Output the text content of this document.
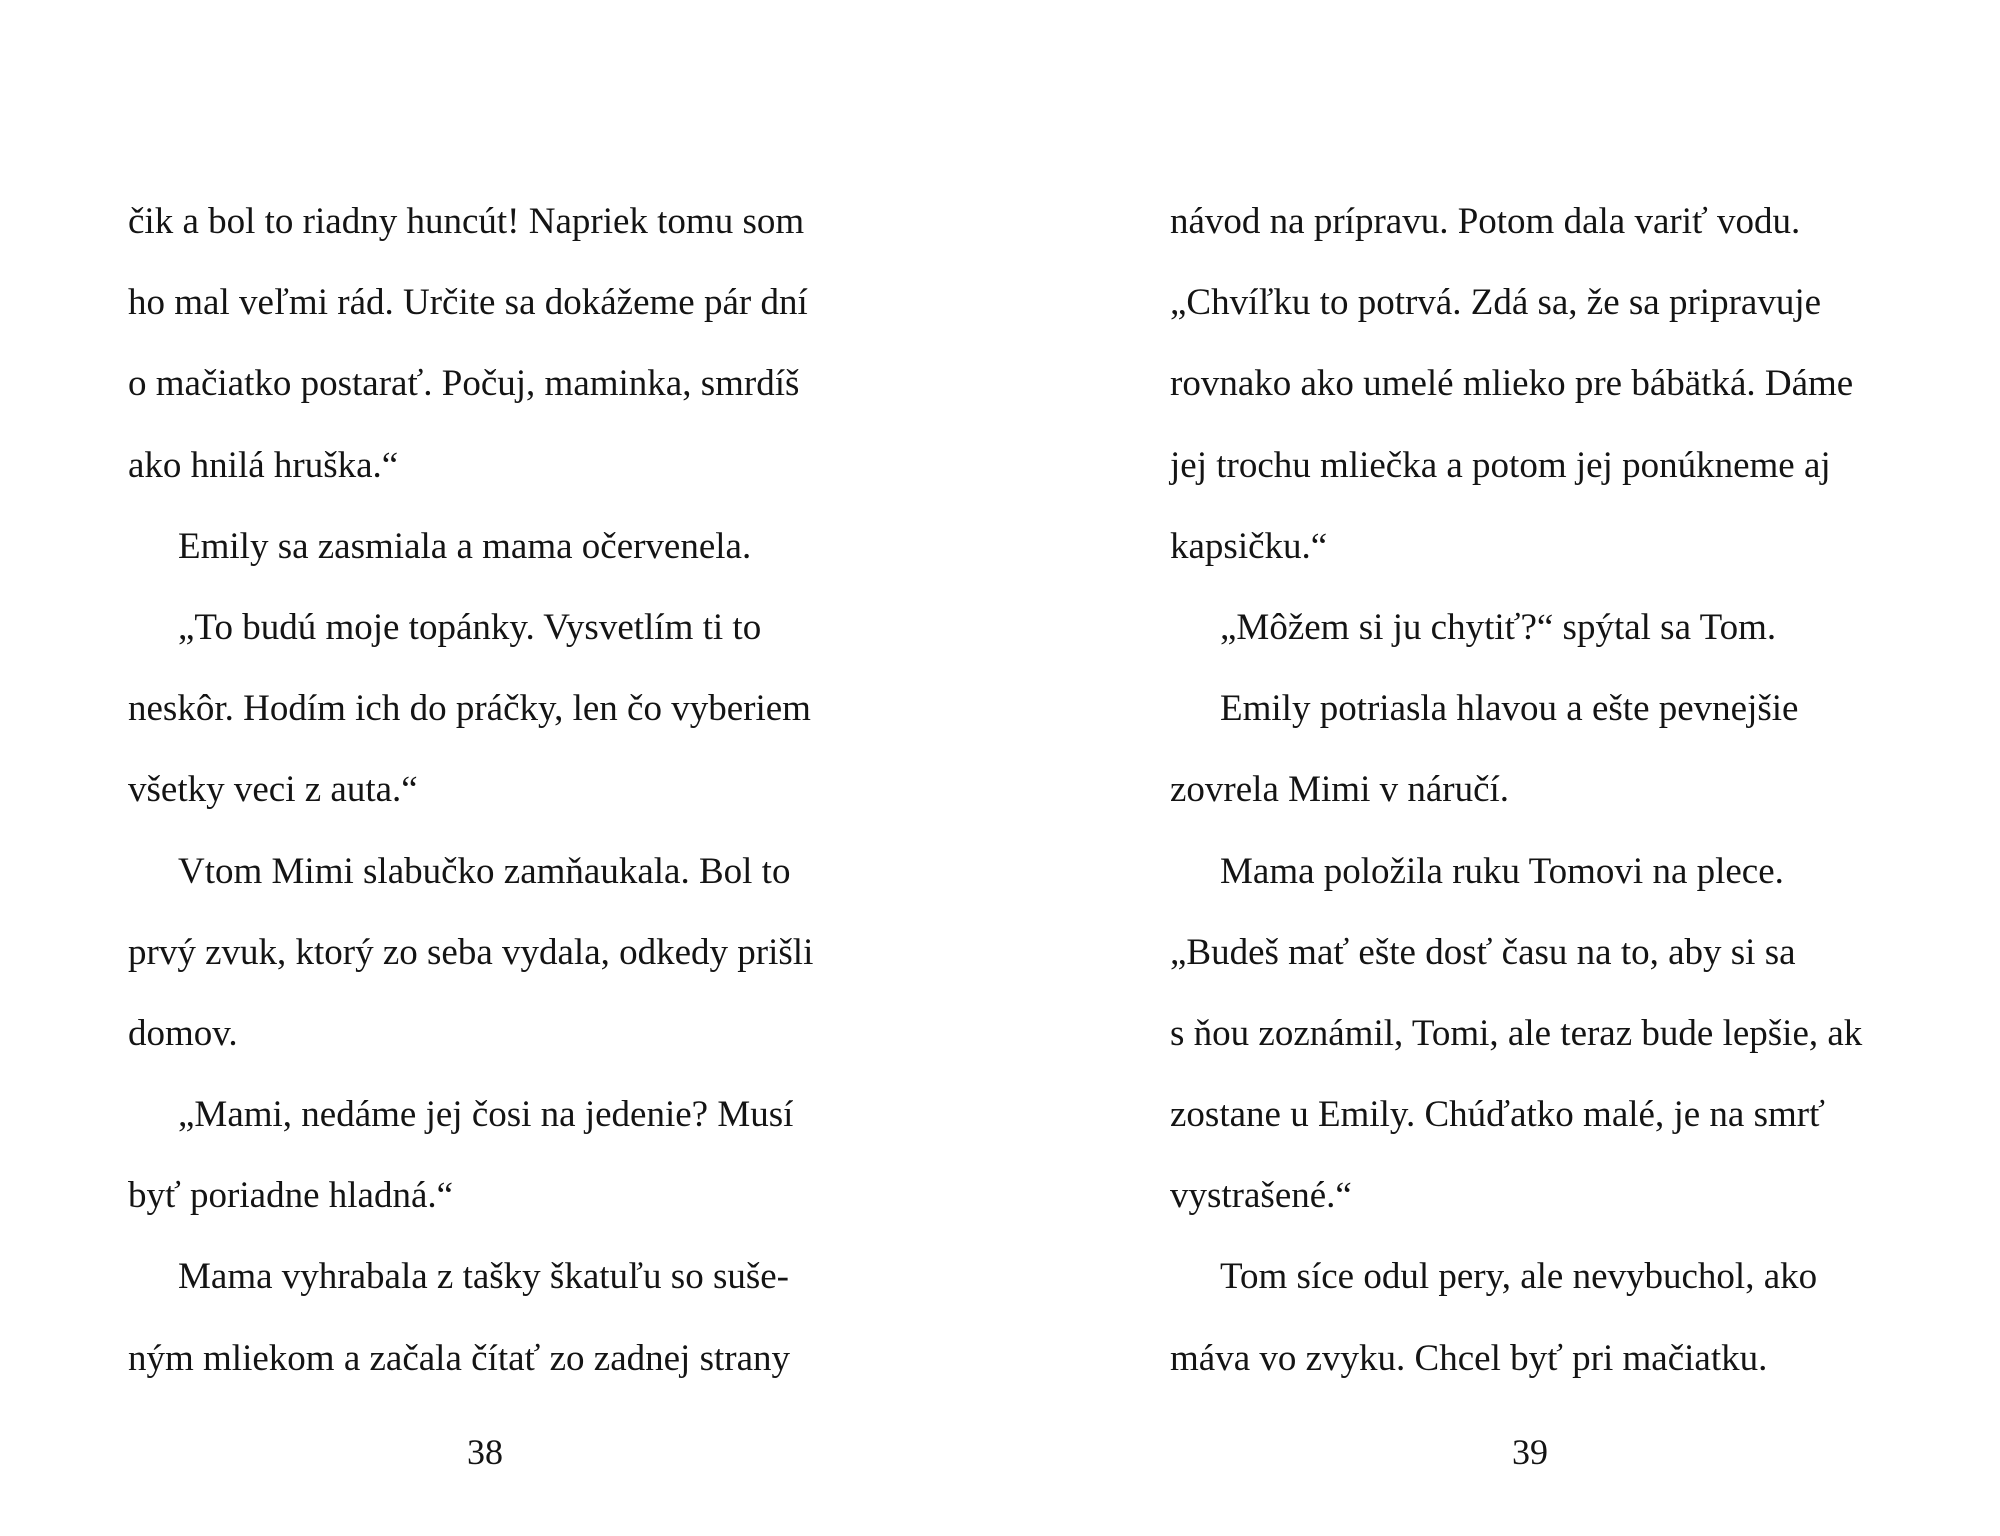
čik a bol to riadny huncút! Napriek tomu som
ho mal veľmi rád. Určite sa dokážeme pár dní
o mačiatko postarať. Počuj, maminka, smrdíš
ako hnilá hruška.“
Emily sa zasmiala a mama očervenela.
„To budú moje topánky. Vysvetlím ti to
neskôr. Hodím ich do práčky, len čo vyberiem
všetky veci z auta.“
Vtom Mimi slabučko zamňaukala. Bol to
prvý zvuk, ktorý zo seba vydala, odkedy prišli
domov.
„Mami, nedáme jej čosi na jedenie? Musí
byť poriadne hladná.“
Mama vyhrabala z tašky škatuľu so suše-
ným mliekom a začala čítať zo zadnej strany
38
návod na prípravu. Potom dala variť vodu.
„Chvíľku to potrvá. Zdá sa, že sa pripravuje
rovnako ako umelé mlieko pre bábätká. Dáme
jej trochu mliečka a potom jej ponúkneme aj
kapsičku.“
„Môžem si ju chytiť?“ spýtal sa Tom.
Emily potriasla hlavou a ešte pevnejšie
zovrela Mimi v náručí.
Mama položila ruku Tomovi na plece.
„Budeš mať ešte dosť času na to, aby si sa
s ňou zoznámil, Tomi, ale teraz bude lepšie, ak
zostane u Emily. Chúďatko malé, je na smrť
vystrašené.“
Tom síce odul pery, ale nevybuchol, ako
máva vo zvyku. Chcel byť pri mačiatku.
39
